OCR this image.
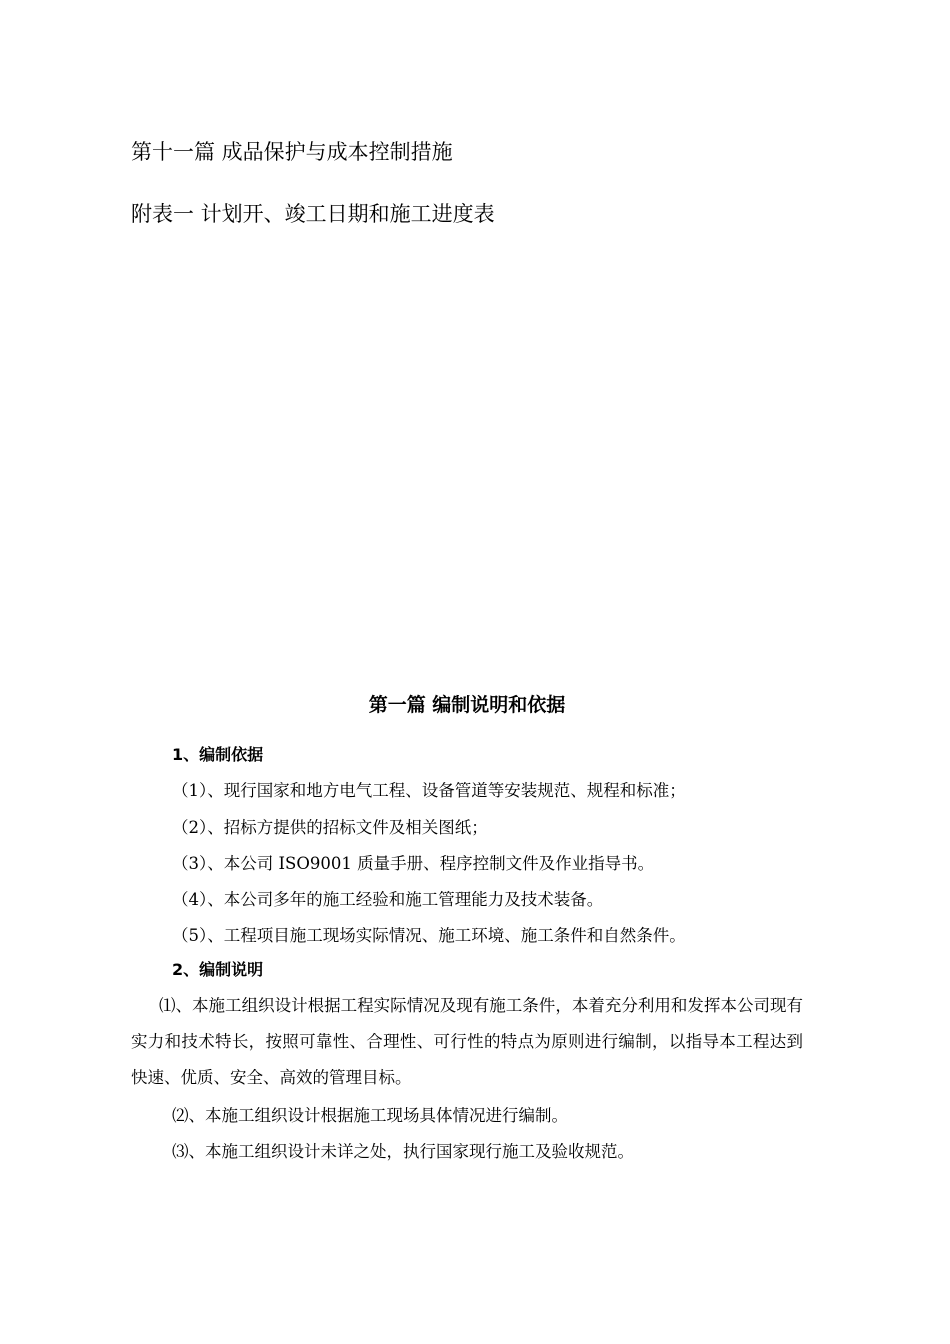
第十一篇 成品保护与成本控制措施
附表一 计划开、竣工日期和施工进度表
第一篇 编制说明和依据
1、编制依据
（1）、现行国家和地方电气工程、设备管道等安装规范、规程和标准；
（2）、招标方提供的招标文件及相关图纸；
（3）、本公司 ISO9001 质量手册、程序控制文件及作业指导书。
（4）、本公司多年的施工经验和施工管理能力及技术装备。
（5）、工程项目施工现场实际情况、施工环境、施工条件和自然条件。
2、编制说明
⑴、本施工组织设计根据工程实际情况及现有施工条件，本着充分利用和发挥本公司现有实力和技术特长，按照可靠性、合理性、可行性的特点为原则进行编制，以指导本工程达到快速、优质、安全、高效的管理目标。
⑵、本施工组织设计根据施工现场具体情况进行编制。
⑶、本施工组织设计未详之处，执行国家现行施工及验收规范。
